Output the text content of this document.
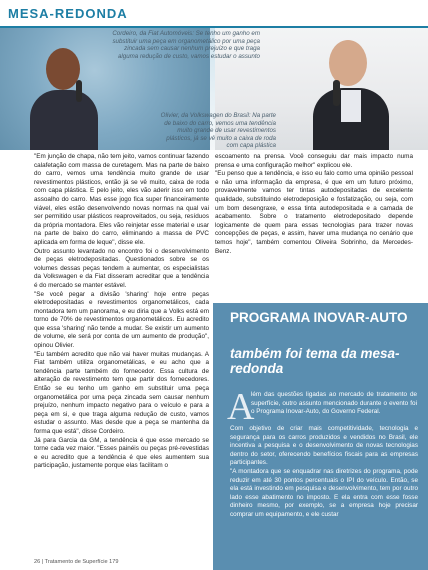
MESA-REDONDA
Cordeiro, da Fiat Automóveis: Se tenho um ganho em substituir uma peça em organometálico por uma peça zincada sem causar nenhum prejuízo e que traga alguma redução de custo, vamos estudar o assunto
Olivier, da Volkswagen do Brasil: Na parte de baixo do carro, vemos uma tendência muito grande de usar revestimentos plásticos, já se vê muito a caixa de roda com capa plástica

"Em junção de chapa, não tem jeito, vamos continuar fazendo calafetação com massa de curetagem. Mas na parte de baixo do carro, vemos uma tendência muito grande de usar revestimentos plásticos, então já se vê muito, caixa de roda com capa plástica. E pelo jeito, eles vão aderir isso em todo assoalho do carro. Mas esse jogo fica super financeiramente viável, eles estão desenvolvendo novas normas na qual vai ser permitido usar plásticos reaproveitados, ou seja, resíduos da própria montadora. Eles vão reinjetar esse material e usar na parte de baixo do carro, eliminando a massa de PVC aplicada em forma de leque", disse ele.

Outro assunto levantado no encontro foi o desenvolvimento de peças eletrodepositadas. Questionados sobre se os volumes dessas peças tendem a aumentar, os especialistas da Volkswagen e da Fiat disseram acreditar que a tendência é do mercado se manter estável.

"Se você pegar a divisão 'sharing' hoje entre peças eletrodepositadas e revestimentos organometálicos, cada montadora tem um panorama, e eu diria que a Volks está em torno de 70% de revestimentos organometálicos. Eu acredito que essa 'sharing' não tende a mudar. Se existir um aumento de volume, ele será por conta de um aumento de produção", opinou Olivier.

"Eu também acredito que não vai haver muitas mudanças. A Fiat também utiliza organometálicas, e eu acho que a tendência parte também do fornecedor. Essa cultura de alteração de revestimento tem que partir dos fornecedores. Então se eu tenho um ganho em substituir uma peça organometálica por uma peça zincada sem causar nenhum prejuízo, nenhum impacto negativo para o veículo e para a peça em si, e que traga alguma redução de custo, vamos estudar o assunto. Mas desde que a peça se mantenha da forma que está", disse Cordeiro.

Já para Garcia da GM, a tendência é que esse mercado se torne cada vez maior. "Esses painéis ou peças pré-revestidas e eu acredito que a tendência é que eles aumentem sua participação, justamente porque elas facilitam o

escoamento na prensa. Você conseguiu dar mais impacto numa prensa e uma configuração melhor" explicou ele.

"Eu penso que a tendência, e isso eu falo como uma opinião pessoal e não uma informação da empresa, é que em um futuro próximo, provavelmente vamos ter tintas autodepositadas de excelente qualidade, substituindo eletrodeposição e fosfatização, ou seja, com um bom desengraxe, e essa tinta autodepositada e a camada de acabamento. Sobre o tratamento eletrodepositado depende logicamente de quem para essas tecnologias para trazer novas concepções de peças, e assim, haver uma mudança no cenário que temos hoje", também comentou Oliveira Sobrinho, da Mercedes-Benz.

PROGRAMA INOVAR-AUTO
também foi tema da mesa-redonda
A
lém das questões ligadas ao mercado de tratamento de superfície, outro assunto mencionado durante o evento foi o Programa Inovar-Auto, do Governo Federal.

Com objetivo de criar mais competitividade, tecnologia e segurança para os carros produzidos e vendidos no Brasil, ele incentiva a pesquisa e o desenvolvimento de novas tecnologias dentro do setor, oferecendo benefícios fiscais para as empresas participantes.

"A montadora que se enquadrar nas diretrizes do programa, pode reduzir em até 30 pontos percentuais o IPI do veículo. Então, se ela está investindo em pesquisa e desenvolvimento, tem por outro lado esse abatimento no imposto. E ela entra com esse fosse dinheiro mesmo, por exemplo, se a empresa hoje precisar comprar um equipamento, e ele custar

26 | Tratamento de Superfície 179
